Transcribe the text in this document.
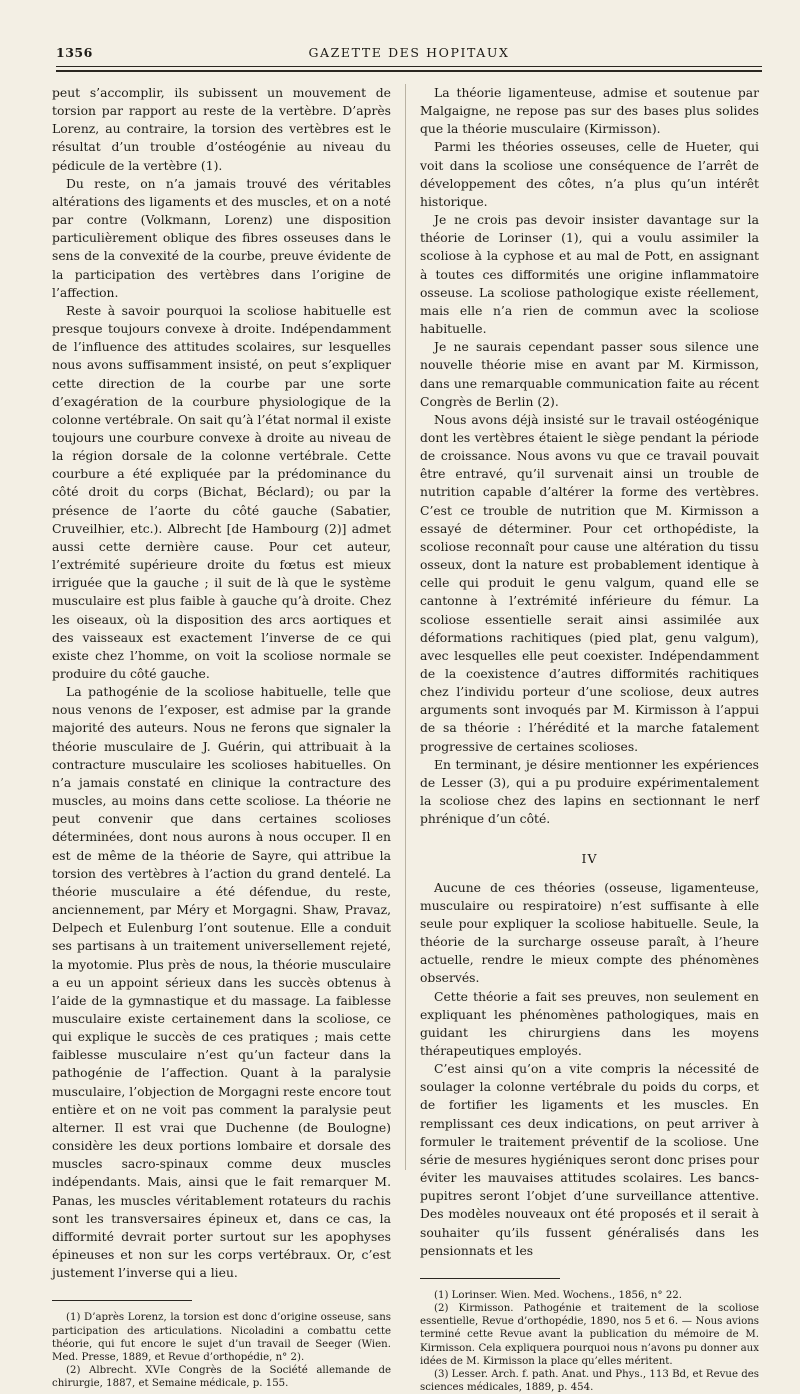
1356	GAZETTE DES HOPITAUX

peut s’accomplir, ils subissent un mouvement de torsion par rapport au reste de la vertèbre. D’après Lorenz, au contraire, la torsion des vertèbres est le résultat d’un trouble d’ostéogénie au niveau du pédicule de la vertèbre (1).

Du reste, on n’a jamais trouvé des véritables altérations des ligaments et des muscles, et on a noté par contre (Volkmann, Lorenz) une disposition particulièrement oblique des fibres osseuses dans le sens de la convexité de la courbe, preuve évidente de la participation des vertèbres dans l’origine de l’affection.

Reste à savoir pourquoi la scoliose habituelle est presque toujours convexe à droite. Indépendamment de l’influence des attitudes scolaires, sur lesquelles nous avons suffisamment insisté, on peut s’expliquer cette direction de la courbe par une sorte d’exagération de la courbure physiologique de la colonne vertébrale. On sait qu’à l’état normal il existe toujours une courbure convexe à droite au niveau de la région dorsale de la colonne vertébrale. Cette courbure a été expliquée par la prédominance du côté droit du corps (Bichat, Béclard); ou par la présence de l’aorte du côté gauche (Sabatier, Cruveilhier, etc.). Albrecht [de Hambourg (2)] admet aussi cette dernière cause. Pour cet auteur, l’extrémité supérieure droite du fœtus est mieux irriguée que la gauche ; il suit de là que le système musculaire est plus faible à gauche qu’à droite. Chez les oiseaux, où la disposition des arcs aortiques et des vaisseaux est exactement l’inverse de ce qui existe chez l’homme, on voit la scoliose normale se produire du côté gauche.

La pathogénie de la scoliose habituelle, telle que nous venons de l’exposer, est admise par la grande majorité des auteurs. Nous ne ferons que signaler la théorie musculaire de J. Guérin, qui attribuait à la contracture musculaire les scolioses habituelles. On n’a jamais constaté en clinique la contracture des muscles, au moins dans cette scoliose. La théorie ne peut convenir que dans certaines scolioses déterminées, dont nous aurons à nous occuper. Il en est de même de la théorie de Sayre, qui attribue la torsion des vertèbres à l’action du grand dentelé. La théorie musculaire a été défendue, du reste, anciennement, par Méry et Morgagni. Shaw, Pravaz, Delpech et Eulenburg l’ont soutenue. Elle a conduit ses partisans à un traitement universellement rejeté, la myotomie. Plus près de nous, la théorie musculaire a eu un appoint sérieux dans les succès obtenus à l’aide de la gymnastique et du massage. La faiblesse musculaire existe certainement dans la scoliose, ce qui explique le succès de ces pratiques ; mais cette faiblesse musculaire n’est qu’un facteur dans la pathogénie de l’affection. Quant à la paralysie musculaire, l’objection de Morgagni reste encore tout entière et on ne voit pas comment la paralysie peut alterner. Il est vrai que Duchenne (de Boulogne) considère les deux portions lombaire et dorsale des muscles sacro-spinaux comme deux muscles indépendants. Mais, ainsi que le fait remarquer M. Panas, les muscles véritablement rotateurs du rachis sont les transversaires épineux et, dans ce cas, la difformité devrait porter surtout sur les apophyses épineuses et non sur les corps vertébraux. Or, c’est justement l’inverse qui a lieu.

(1) D’après Lorenz, la torsion est donc d’origine osseuse, sans participation des articulations. Nicoladini a combattu cette théorie, qui fut encore le sujet d’un travail de Seeger (Wien. Med. Presse, 1889, et Revue d’orthopédie, n° 2).

(2) Albrecht. XVIe Congrès de la Société allemande de chirurgie, 1887, et Semaine médicale, p. 155.

La théorie ligamenteuse, admise et soutenue par Malgaigne, ne repose pas sur des bases plus solides que la théorie musculaire (Kirmisson).

Parmi les théories osseuses, celle de Hueter, qui voit dans la scoliose une conséquence de l’arrêt de développement des côtes, n’a plus qu’un intérêt historique.

Je ne crois pas devoir insister davantage sur la théorie de Lorinser (1), qui a voulu assimiler la scoliose à la cyphose et au mal de Pott, en assignant à toutes ces difformités une origine inflammatoire osseuse. La scoliose pathologique existe réellement, mais elle n’a rien de commun avec la scoliose habituelle.

Je ne saurais cependant passer sous silence une nouvelle théorie mise en avant par M. Kirmisson, dans une remarquable communication faite au récent Congrès de Berlin (2).

Nous avons déjà insisté sur le travail ostéogénique dont les vertèbres étaient le siège pendant la période de croissance. Nous avons vu que ce travail pouvait être entravé, qu’il survenait ainsi un trouble de nutrition capable d’altérer la forme des vertèbres. C’est ce trouble de nutrition que M. Kirmisson a essayé de déterminer. Pour cet orthopédiste, la scoliose reconnaît pour cause une altération du tissu osseux, dont la nature est probablement identique à celle qui produit le genu valgum, quand elle se cantonne à l’extrémité inférieure du fémur. La scoliose essentielle serait ainsi assimilée aux déformations rachitiques (pied plat, genu valgum), avec lesquelles elle peut coexister. Indépendamment de la coexistence d’autres difformités rachitiques chez l’individu porteur d’une scoliose, deux autres arguments sont invoqués par M. Kirmisson à l’appui de sa théorie : l’hérédité et la marche fatalement progressive de certaines scolioses.

En terminant, je désire mentionner les expériences de Lesser (3), qui a pu produire expérimentalement la scoliose chez des lapins en sectionnant le nerf phrénique d’un côté.

IV

Aucune de ces théories (osseuse, ligamenteuse, musculaire ou respiratoire) n’est suffisante à elle seule pour expliquer la scoliose habituelle. Seule, la théorie de la surcharge osseuse paraît, à l’heure actuelle, rendre le mieux compte des phénomènes observés.

Cette théorie a fait ses preuves, non seulement en expliquant les phénomènes pathologiques, mais en guidant les chirurgiens dans les moyens thérapeutiques employés.

C’est ainsi qu’on a vite compris la nécessité de soulager la colonne vertébrale du poids du corps, et de fortifier les ligaments et les muscles. En remplissant ces deux indications, on peut arriver à formuler le traitement préventif de la scoliose. Une série de mesures hygiéniques seront donc prises pour éviter les mauvaises attitudes scolaires. Les bancs-pupitres seront l’objet d’une surveillance attentive. Des modèles nouveaux ont été proposés et il serait à souhaiter qu’ils fussent généralisés dans les pensionnats et les

(1) Lorinser. Wien. Med. Wochens., 1856, n° 22.

(2) Kirmisson. Pathogénie et traitement de la scoliose essentielle, Revue d’orthopédie, 1890, nos 5 et 6. — Nous avions terminé cette Revue avant la publication du mémoire de M. Kirmisson. Cela expliquera pourquoi nous n’avons pu donner aux idées de M. Kirmisson la place qu’elles méritent.

(3) Lesser. Arch. f. path. Anat. und Phys., 113 Bd, et Revue des sciences médicales, 1889, p. 454.
